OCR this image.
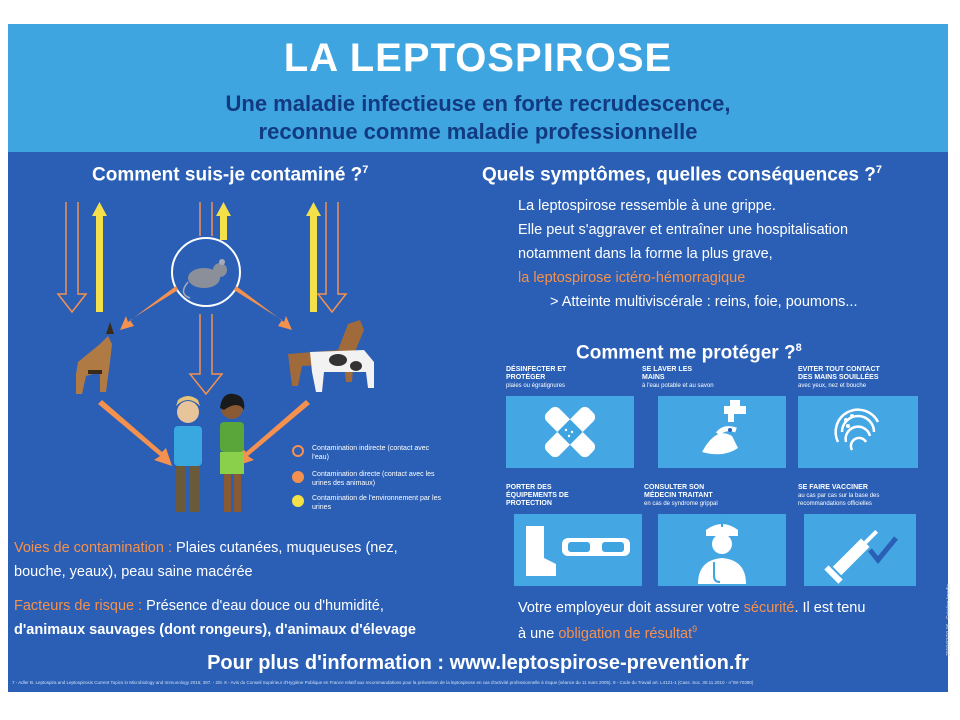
LA LEPTOSPIROSE
Une maladie infectieuse en forte recrudescence,
reconnue comme maladie professionnelle
Comment suis-je contaminé ?$^7$
Contamination indirecte (contact avec l'eau)
Contamination directe (contact avec les urines des animaux)
Contamination de l'environnement par les urines
Voies de contamination : Plaies cutanées, muqueuses (nez,
bouche, yeaux), peau saine macérée
Facteurs de risque : Présence d'eau douce ou d'humidité,
d'animaux sauvages (dont rongeurs), d'animaux d'élevage
Quels symptômes, quelles conséquences ?$^7$
La leptospirose ressemble à une grippe.
Elle peut s'aggraver et entraîner une hospitalisation
notamment dans la forme la plus grave,
la leptospirose ictéro-hémorragique
> Atteinte multiviscérale : reins, foie, poumons...
Comment me protéger ?$^8$
DÉSINFECTER ET PROTÉGER
plaies ou égratignures
SE LAVER LES MAINS
à l'eau potable et au savon
EVITER TOUT CONTACT DES MAINS SOUILLÉES
avec yeux, nez et bouche
PORTER DES ÉQUIPEMENTS DE PROTECTION
CONSULTER SON MÉDECIN TRAITANT
en cas de syndrome grippal
SE FAIRE VACCINER
au cas par cas sur la base des recommandations officielles
Votre employeur doit assurer votre sécurité. Il est tenu
à une obligation de résultat$^9$
Pour plus d'information : www.leptospirose-prevention.fr
7 - Adler B. Leptospira and Leptospirosis Current Topics in Microbiology and Immunology 2015; 387. - 2/8. 8 - Avis du Conseil Supérieur d'Hygiène Publique en France relatif aux recommandations pour la prévention de la leptospirose en cas d'activité professionnelle à risque (séance du 11 mars 2005). 9 - Code du Travail art. L4121-1 (Cass. Soc. 30.11.2010 - n°08-70390)
2019/02/19-06 - Création Imedio
